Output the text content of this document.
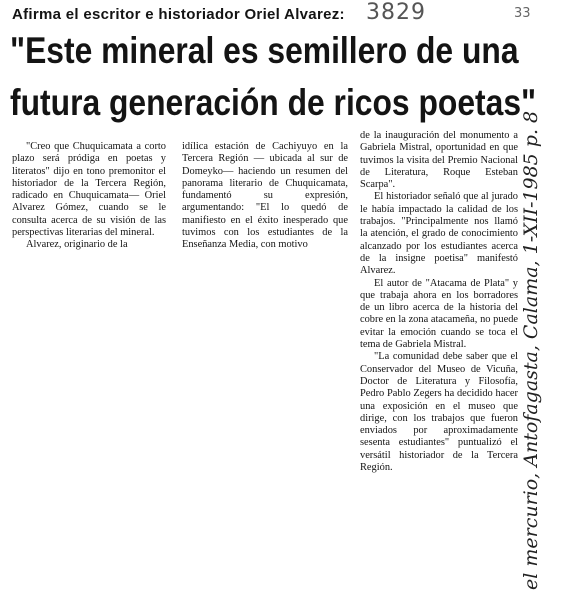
Afirma el escritor e historiador Oriel Alvarez: 3829	33
"Este mineral es semillero de una
futura generación de ricos poetas"

"Creo que Chuquicamata a corto plazo será pródiga en poetas y literatos" dijo en tono premonitor el historiador de la Tercera Región, radicado en Chuquicamata— Oriel Alvarez Gómez, cuando se le consulta acerca de su visión de las perspectivas literarias del mineral.

Alvarez, originario de la

idílica estación de Cachiyuyo en la Tercera Región — ubicada al sur de Domeyko— haciendo un resumen del panorama literario de Chuquicamata, fundamentó su expresión, argumentando: "El lo quedó de manifiesto en el éxito inesperado que tuvimos con los estudiantes de la Enseñanza Media, con motivo

de la inauguración del monumento a Gabriela Mistral, oportunidad en que tuvimos la visita del Premio Nacional de Literatura, Roque Esteban Scarpa".

El historiador señaló que al jurado le había impactado la calidad de los trabajos. "Principalmente nos llamó la atención, el grado de conocimiento alcanzado por los estudiantes acerca de la insigne poetisa" manifestó Alvarez.

El autor de "Atacama de Plata" y que trabaja ahora en los borradores de un libro acerca de la historia del cobre en la zona atacameña, no puede evitar la emoción cuando se toca el tema de Gabriela Mistral.

"La comunidad debe saber que el Conservador del Museo de Vicuña, Doctor de Literatura y Filosofía, Pedro Pablo Zegers ha decidido hacer una exposición en el museo que dirige, con los trabajos que fueron enviados por aproximadamente sesenta estudiantes" puntualizó el versátil historiador de la Tercera Región.	el mercurio, Antofagasta, Calama, 1-XII-1985 p. 8
